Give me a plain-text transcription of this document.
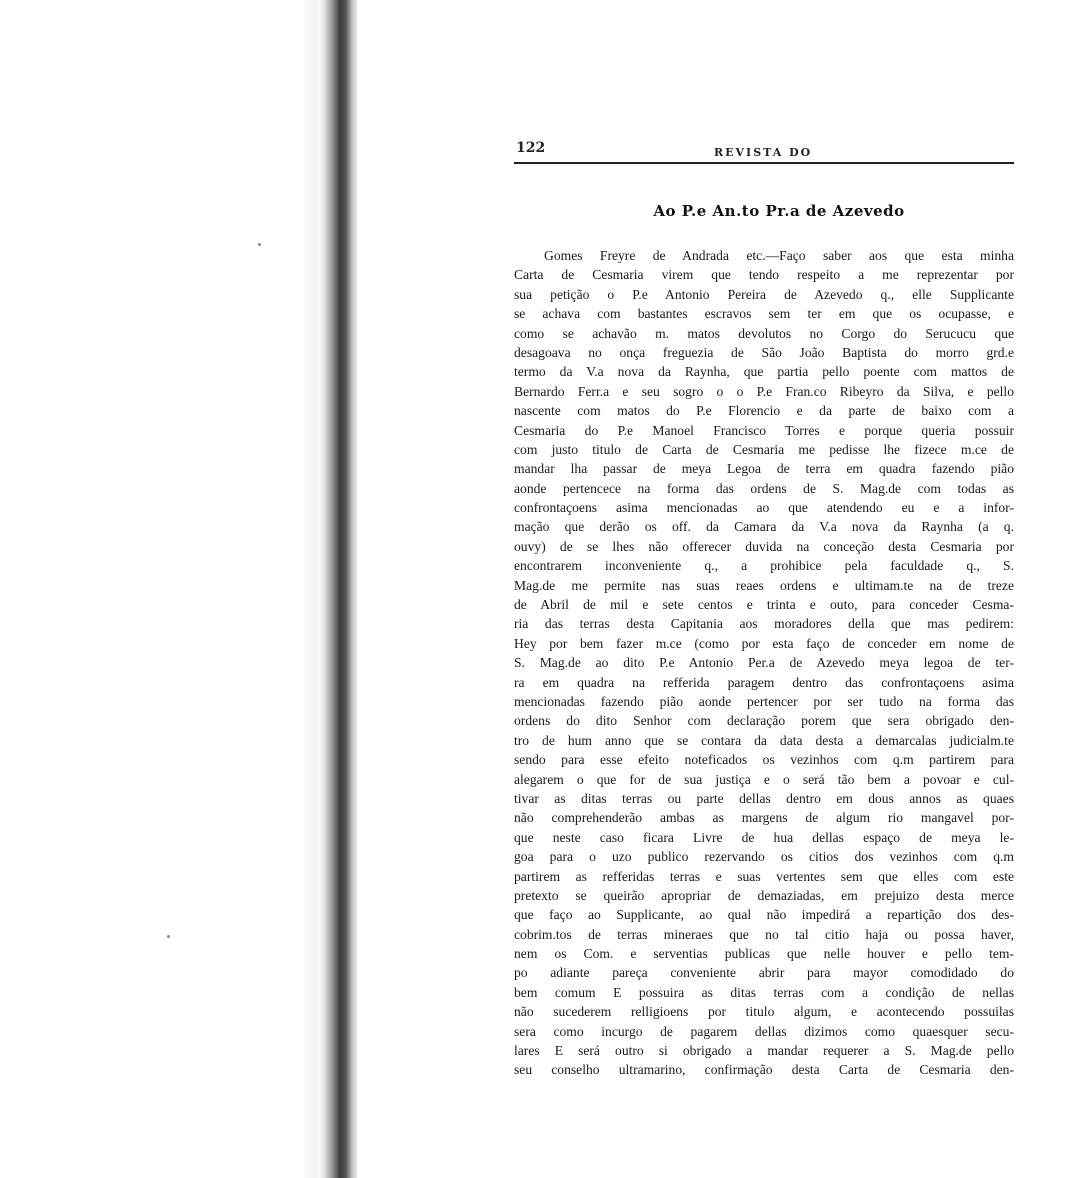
122	REVISTA DO
Ao P.e An.to Pr.a de Azevedo
Gomes Freyre de Andrada etc.—Faço saber aos que esta minha
Carta de Cesmaria virem que tendo respeito a me reprezentar por
sua petição o P.e Antonio Pereira de Azevedo q., elle Supplicante
se achava com bastantes escravos sem ter em que os ocupasse, e
como se achavão m. matos devolutos no Corgo do Serucucu que
desagoava no onça freguezia de São João Baptista do morro grd.e
termo da V.a nova da Raynha, que partia pello poente com mattos de
Bernardo Ferr.a e seu sogro o o P.e Fran.co Ribeyro da Silva, e pello
nascente com matos do P.e Florencio e da parte de baixo com a
Cesmaria do P.e Manoel Francisco Torres e porque queria possuir
com justo titulo de Carta de Cesmaria me pedisse lhe fizece m.ce de
mandar lha passar de meya Legoa de terra em quadra fazendo pião
aonde pertencece na forma das ordens de S. Mag.de com todas as
confrontaçoens asima mencionadas ao que atendendo eu e a infor-
mação que derão os off. da Camara da V.a nova da Raynha (a q.
ouvy) de se lhes não offerecer duvida na conceção desta Cesmaria por
encontrarem inconveniente q., a prohibice pela faculdade q., S.
Mag.de me permite nas suas reaes ordens e ultimam.te na de treze
de Abril de mil e sete centos e trinta e outo, para conceder Cesma-
ria das terras desta Capitania aos moradores della que mas pedirem:
Hey por bem fazer m.ce (como por esta faço de conceder em nome de
S. Mag.de ao dito P.e Antonio Per.a de Azevedo meya legoa de ter-
ra em quadra na refferida paragem dentro das confrontaçoens asima
mencionadas fazendo pião aonde pertencer por ser tudo na forma das
ordens do dito Senhor com declaração porem que sera obrigado den-
tro de hum anno que se contara da data desta a demarcalas judicialm.te
sendo para esse efeito noteficados os vezinhos com q.m partirem para
alegarem o que for de sua justiça e o será tão bem a povoar e cul-
tivar as ditas terras ou parte dellas dentro em dous annos as quaes
não comprehenderão ambas as margens de algum rio mangavel por-
que neste caso ficara Livre de hua dellas espaço de meya le-
goa para o uzo publico rezervando os citios dos vezinhos com q.m
partirem as refferidas terras e suas vertentes sem que elles com este
pretexto se queirão apropriar de demaziadas, em prejuizo desta merce
que faço ao Supplicante, ao qual não impedirá a repartição dos des-
cobrim.tos de terras mineraes que no tal citio haja ou possa haver,
nem os Com. e serventias publicas que nelle houver e pello tem-
po adiante pareça conveniente abrir para mayor comodidado do
bem comum E possuira as ditas terras com a condição de nellas
não sucederem relligioens por titulo algum, e acontecendo possuilas
sera como incurgo de pagarem dellas dizimos como quaesquer secu-
lares E será outro si obrigado a mandar requerer a S. Mag.de pello
seu conselho ultramarino, confirmação desta Carta de Cesmaria den-
